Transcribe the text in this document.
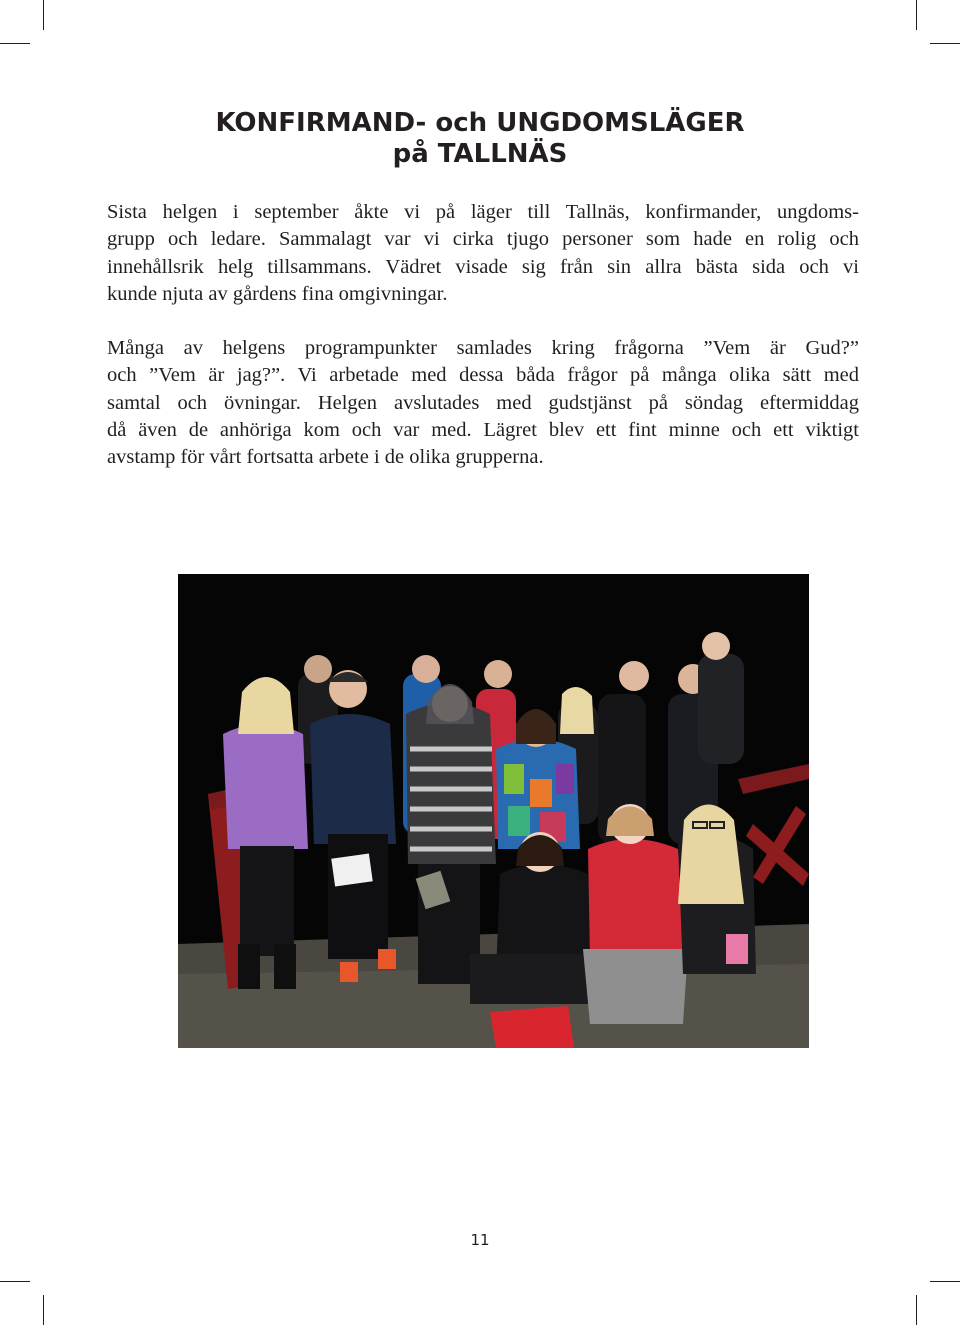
KONFIRMAND- och UNGDOMSLÄGER
på TALLNÄS
Sista helgen i september åkte vi på läger till Tallnäs, konfirmander, ungdoms-
grupp och ledare. Sammalagt var vi cirka tjugo personer som hade en rolig och
innehållsrik helg tillsammans. Vädret visade sig från sin allra bästa sida och vi
kunde njuta av gårdens fina omgivningar.
Många av helgens programpunkter samlades kring frågorna ”Vem är Gud?”
och ”Vem är jag?”. Vi arbetade med dessa båda frågor på många olika sätt med
samtal och övningar. Helgen avslutades med gudstjänst på söndag eftermiddag
då även de anhöriga kom och var med. Lägret blev ett fint minne och ett viktigt
avstamp för vårt fortsatta arbete i de olika grupperna.
11
